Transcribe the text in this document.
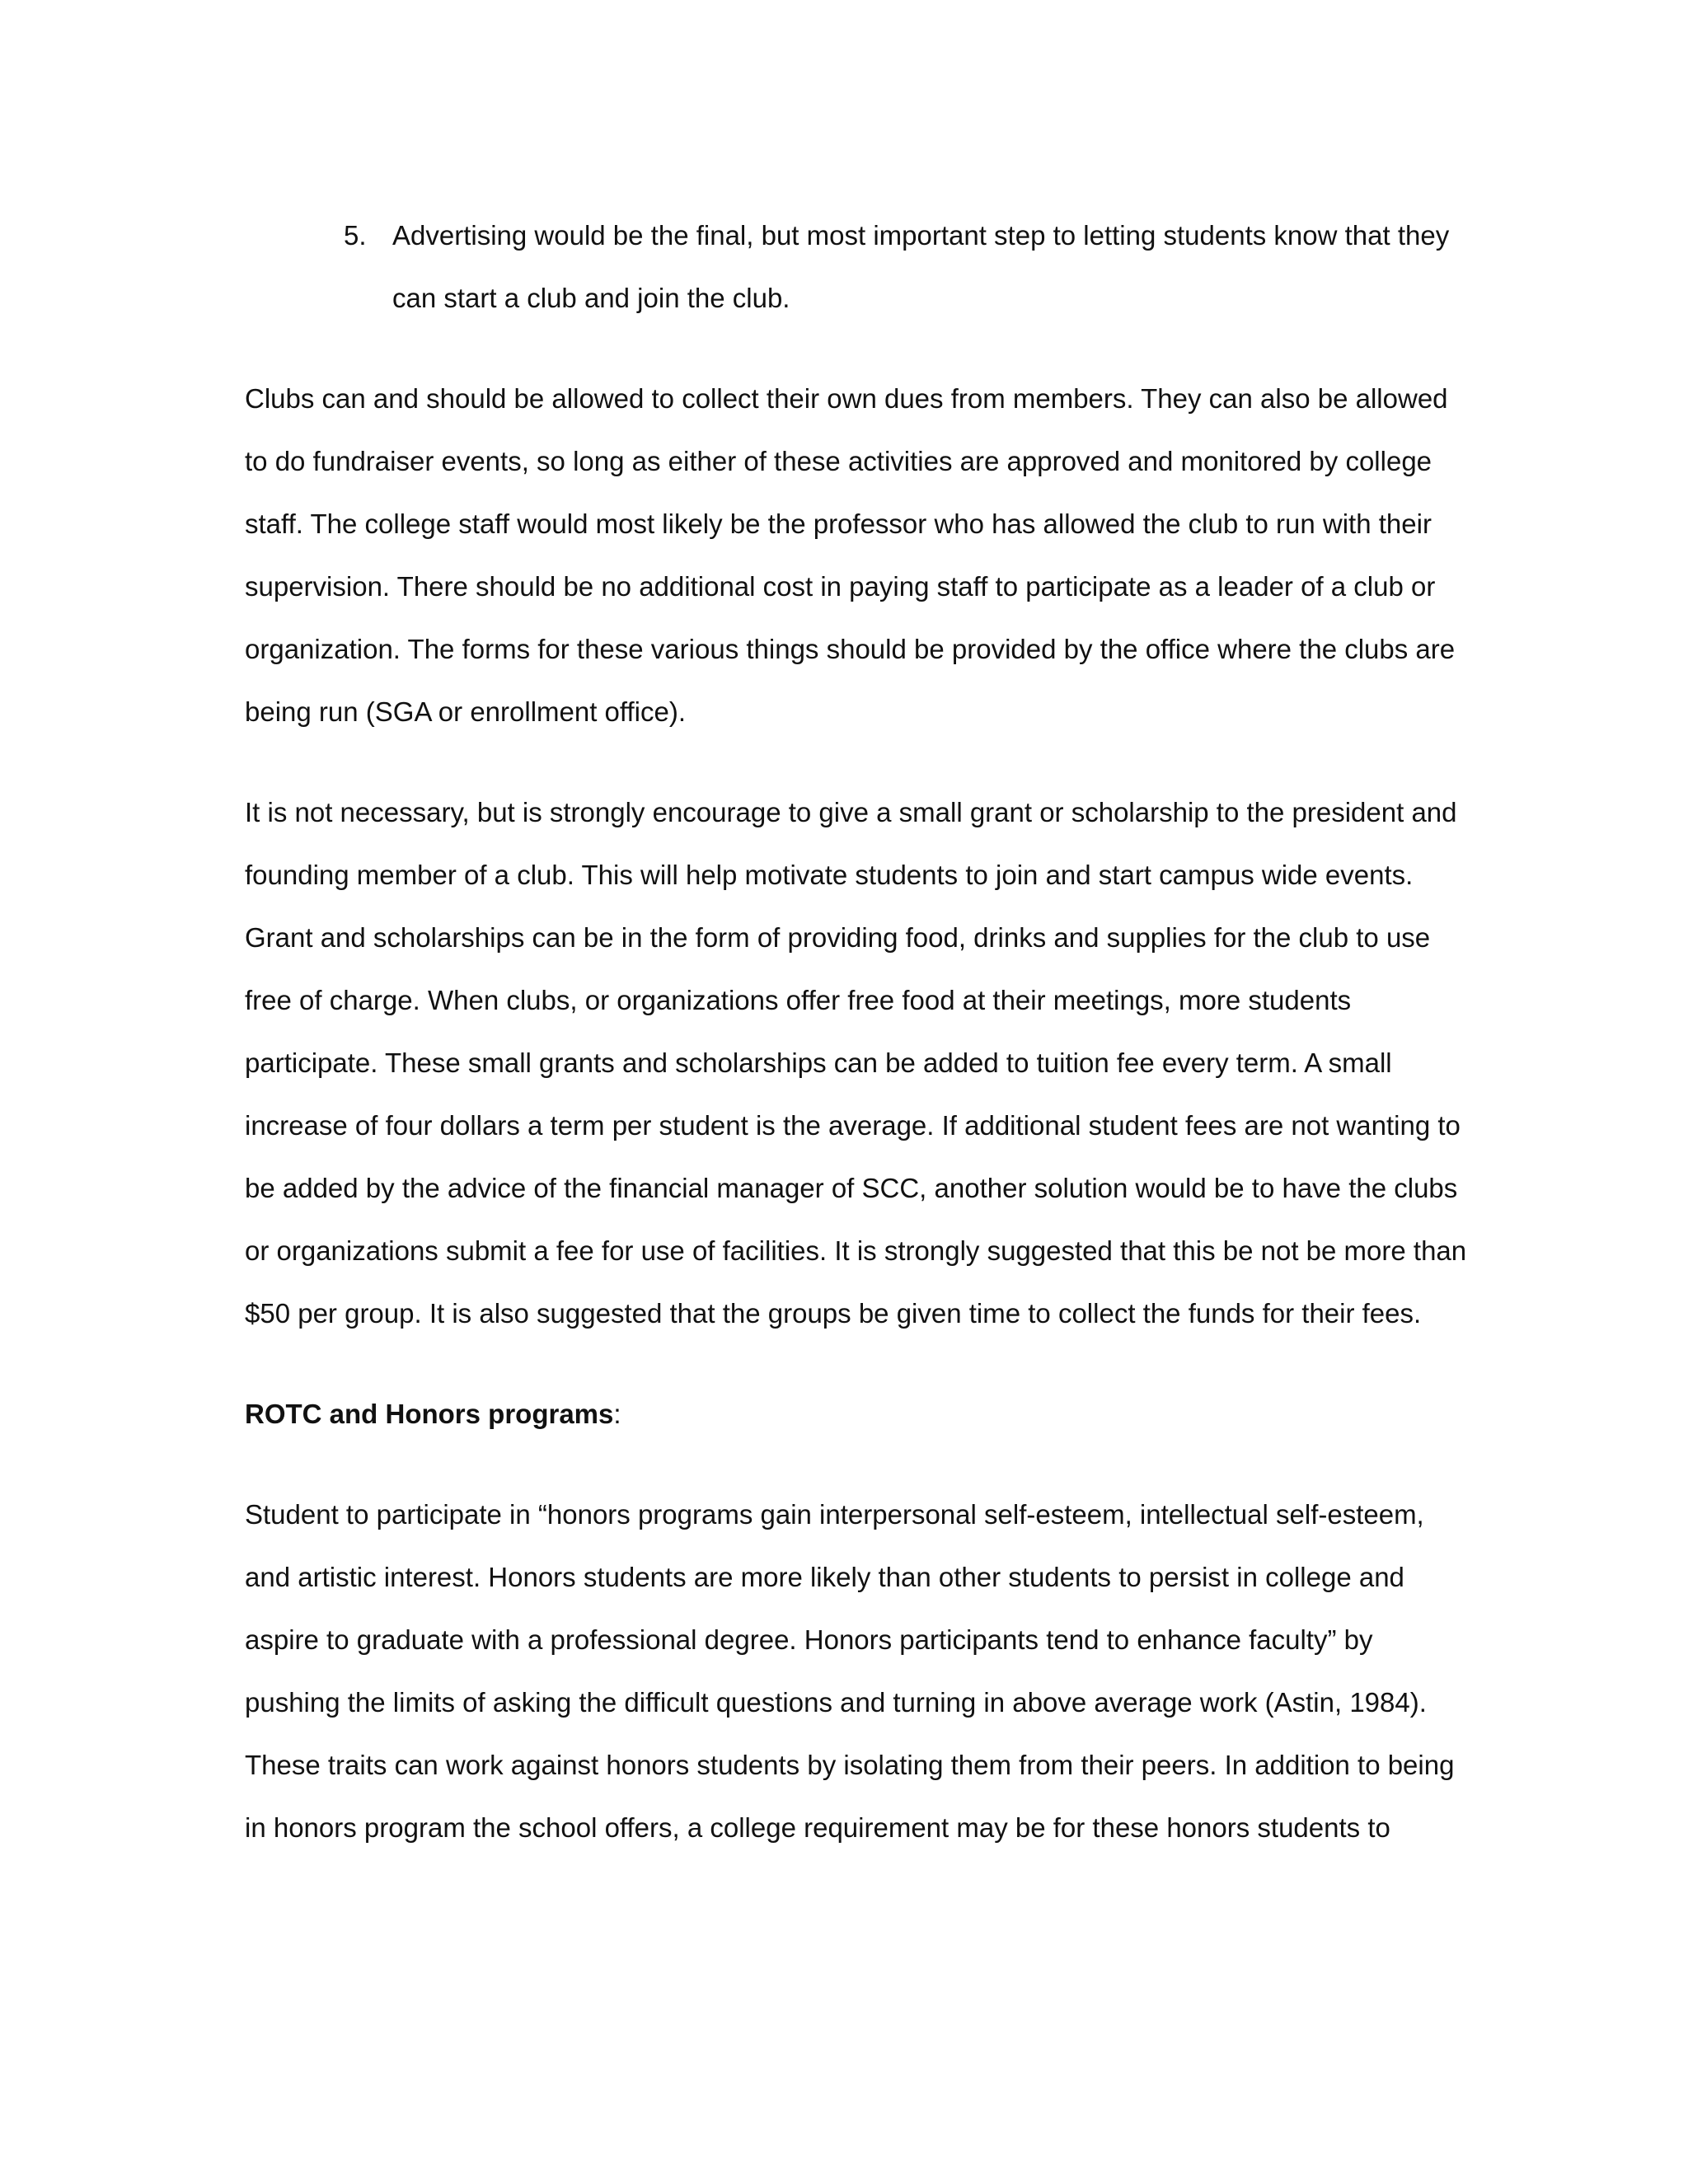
5. Advertising would be the final, but most important step to letting students know that they can start a club and join the club.

Clubs can and should be allowed to collect their own dues from members. They can also be allowed to do fundraiser events, so long as either of these activities are approved and monitored by college staff. The college staff would most likely be the professor who has allowed the club to run with their supervision. There should be no additional cost in paying staff to participate as a leader of a club or organization. The forms for these various things should be provided by the office where the clubs are being run (SGA or enrollment office).

It is not necessary, but is strongly encourage to give a small grant or scholarship to the president and founding member of a club. This will help motivate students to join and start campus wide events. Grant and scholarships can be in the form of providing food, drinks and supplies for the club to use free of charge. When clubs, or organizations offer free food at their meetings, more students participate. These small grants and scholarships can be added to tuition fee every term. A small increase of four dollars a term per student is the average. If additional student fees are not wanting to be added by the advice of the financial manager of SCC, another solution would be to have the clubs or organizations submit a fee for use of facilities. It is strongly suggested that this be not be more than $50 per group. It is also suggested that the groups be given time to collect the funds for their fees.

ROTC and Honors programs:

Student to participate in “honors programs gain interpersonal self-esteem, intellectual self-esteem, and artistic interest. Honors students are more likely than other students to persist in college and aspire to graduate with a professional degree. Honors participants tend to enhance faculty” by pushing the limits of asking the difficult questions and turning in above average work (Astin, 1984). These traits can work against honors students by isolating them from their peers. In addition to being in honors program the school offers, a college requirement may be for these honors students to
